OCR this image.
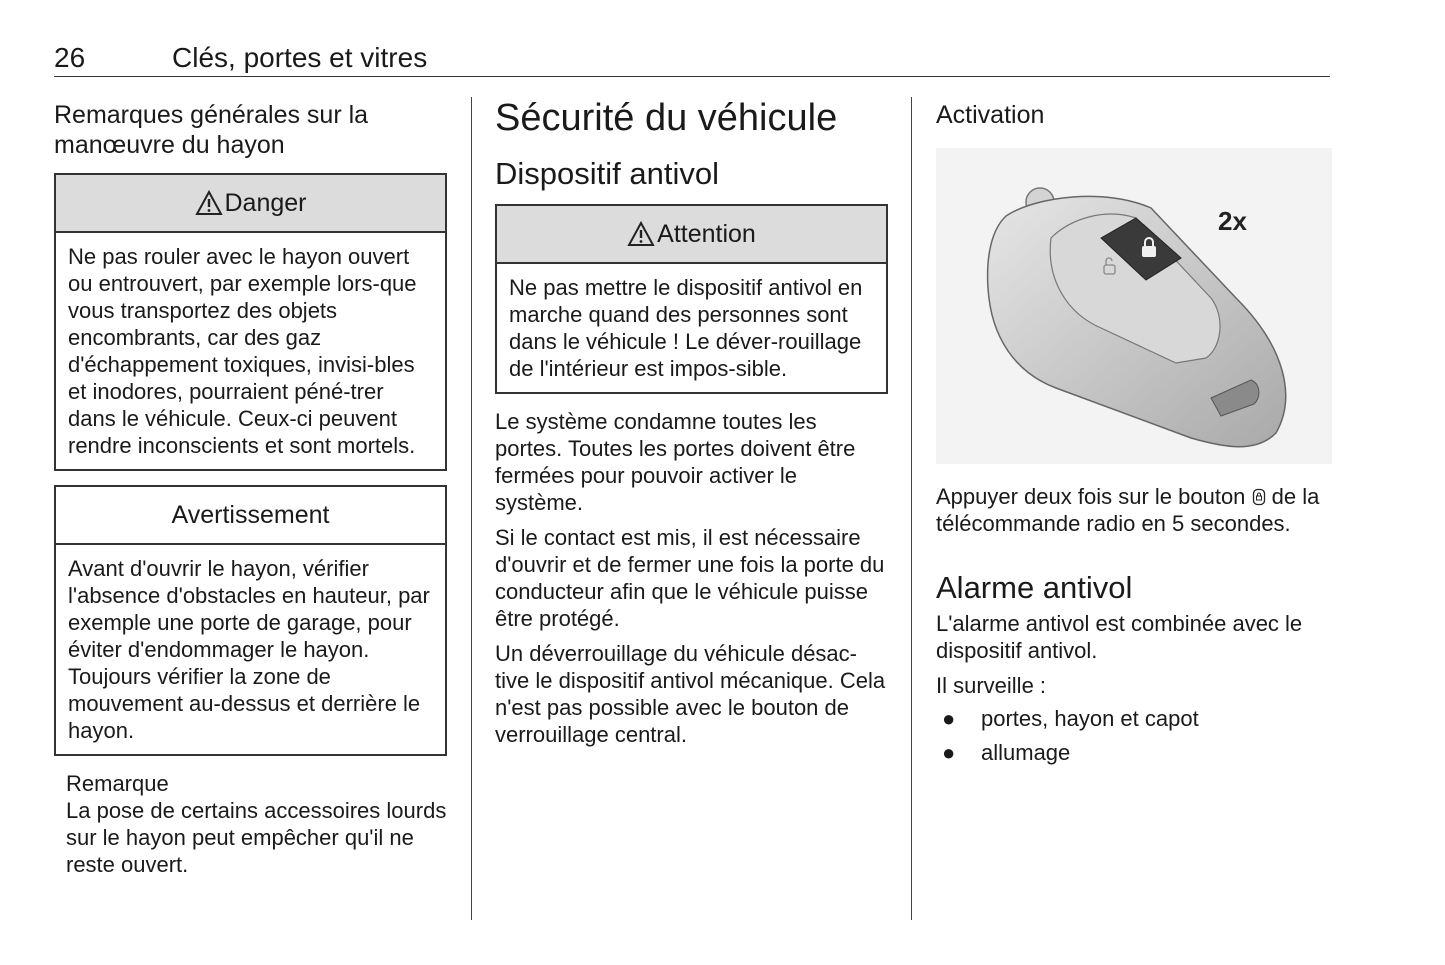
26	Clés, portes et vitres
Remarques générales sur la manœuvre du hayon
Danger
Ne pas rouler avec le hayon ouvert ou entrouvert, par exemple lors-que vous transportez des objets encombrants, car des gaz d'échappement toxiques, invisi-bles et inodores, pourraient péné-trer dans le véhicule. Ceux-ci peuvent rendre inconscients et sont mortels.
Avertissement
Avant d'ouvrir le hayon, vérifier l'absence d'obstacles en hauteur, par exemple une porte de garage, pour éviter d'endommager le hayon. Toujours vérifier la zone de mouvement au-dessus et derrière le hayon.

Remarque

La pose de certains accessoires lourds sur le hayon peut empêcher qu'il ne reste ouvert.

Sécurité du véhicule
Dispositif antivol
Attention
Ne pas mettre le dispositif antivol en marche quand des personnes sont dans le véhicule ! Le déver-rouillage de l'intérieur est impos-sible.

Le système condamne toutes les portes. Toutes les portes doivent être fermées pour pouvoir activer le système.

Si le contact est mis, il est nécessaire d'ouvrir et de fermer une fois la porte du conducteur afin que le véhicule puisse être protégé.

Un déverrouillage du véhicule désac-tive le dispositif antivol mécanique. Cela n'est pas possible avec le bouton de verrouillage central.

Activation
2x

Appuyer deux fois sur le bouton de la télécommande radio en 5 secondes.

Alarme antivol

L'alarme antivol est combinée avec le dispositif antivol.

Il surveille :

● portes, hayon et capot
● allumage
